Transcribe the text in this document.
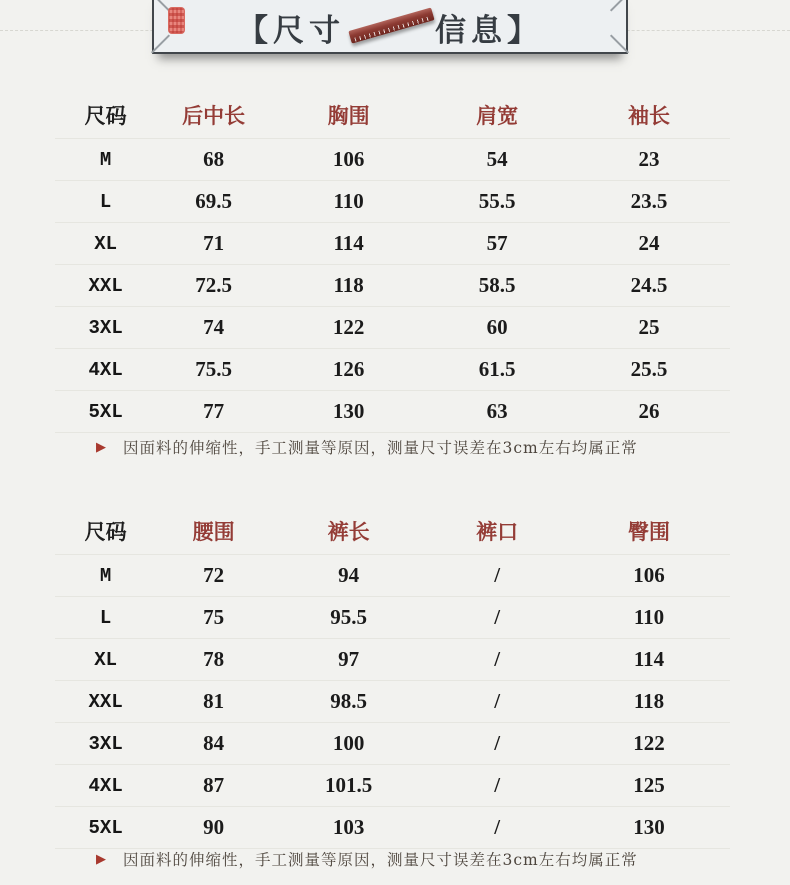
【尺寸	信息】
尺码	后中长	胸围	肩宽	袖长
M	68	106	54	23
L	69.5	110	55.5	23.5
XL	71	114	57	24
XXL	72.5	118	58.5	24.5
3XL	74	122	60	25
4XL	75.5	126	61.5	25.5
5XL	77	130	63	26
▶ 因面料的伸缩性，手工测量等原因，测量尺寸误差在3cm左右均属正常
尺码	腰围	裤长	裤口	臀围
M	72	94	/	106
L	75	95.5	/	110
XL	78	97	/	114
XXL	81	98.5	/	118
3XL	84	100	/	122
4XL	87	101.5	/	125
5XL	90	103	/	130
▶ 因面料的伸缩性，手工测量等原因，测量尺寸误差在3cm左右均属正常
